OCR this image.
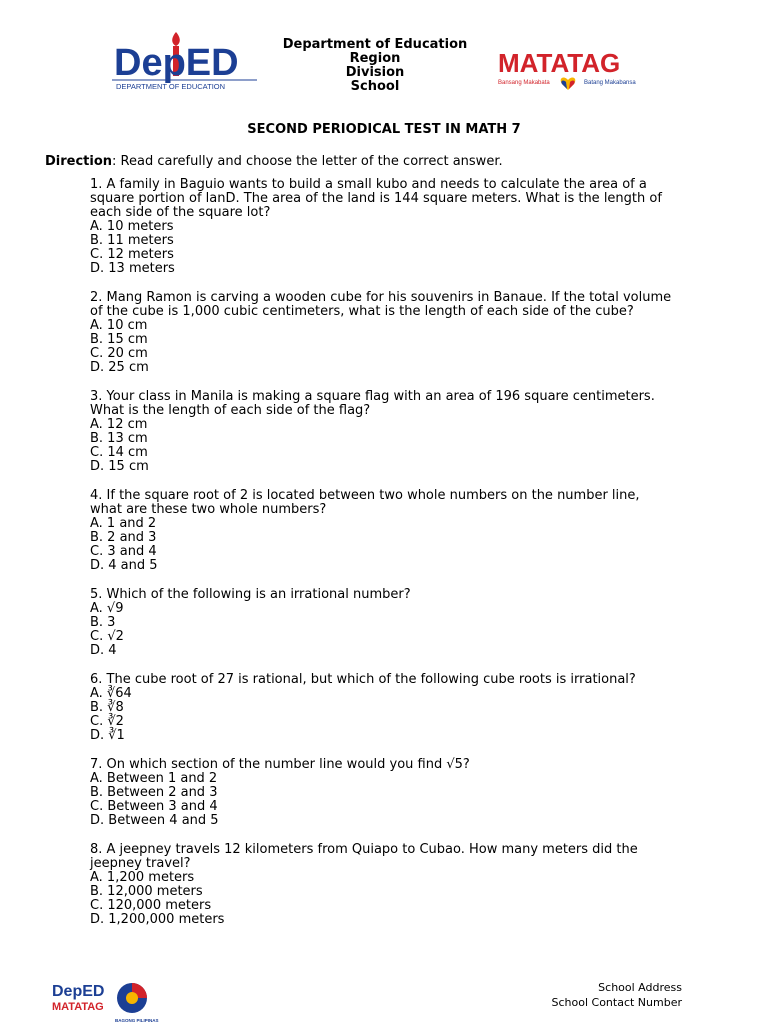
DepED
DEPARTMENT OF EDUCATION
Department of Education
Region
Division
School
MATATAG
Bansang Makabata	Batang Makabansa
SECOND PERIODICAL TEST IN MATH 7
Direction: Read carefully and choose the letter of the correct answer.
1. A family in Baguio wants to build a small kubo and needs to calculate the area of a
square portion of lanD. The area of the land is 144 square meters. What is the length of
each side of the square lot?
A. 10 meters
B. 11 meters
C. 12 meters
D. 13 meters
2. Mang Ramon is carving a wooden cube for his souvenirs in Banaue. If the total volume
of the cube is 1,000 cubic centimeters, what is the length of each side of the cube?
A. 10 cm
B. 15 cm
C. 20 cm
D. 25 cm
3. Your class in Manila is making a square flag with an area of 196 square centimeters.
What is the length of each side of the flag?
A. 12 cm
B. 13 cm
C. 14 cm
D. 15 cm
4. If the square root of 2 is located between two whole numbers on the number line,
what are these two whole numbers?
A. 1 and 2
B. 2 and 3
C. 3 and 4
D. 4 and 5
5. Which of the following is an irrational number?
A. √9
B. 3
C. √2
D. 4
6. The cube root of 27 is rational, but which of the following cube roots is irrational?
A. ∛64
B. ∛8
C. ∛2
D. ∛1
7. On which section of the number line would you find √5?
A. Between 1 and 2
B. Between 2 and 3
C. Between 3 and 4
D. Between 4 and 5
8. A jeepney travels 12 kilometers from Quiapo to Cubao. How many meters did the
jeepney travel?
A. 1,200 meters
B. 12,000 meters
C. 120,000 meters
D. 1,200,000 meters
DepED
MATATAG
BAGONG PILIPINAS
School Address
School Contact Number
